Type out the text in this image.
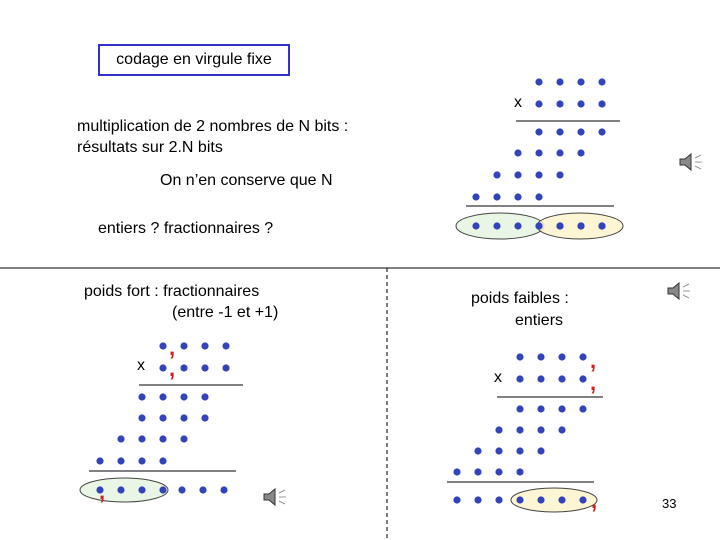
codage en virgule fixe
multiplication de 2 nombres de N bits :
résultats sur 2.N bits
On n’en conserve que N
entiers ? fractionnaires ?
poids fort : fractionnaires
(entre -1 et +1)
poids faibles :
entiers
x
x
x
33
,
,
,
,
,
,
